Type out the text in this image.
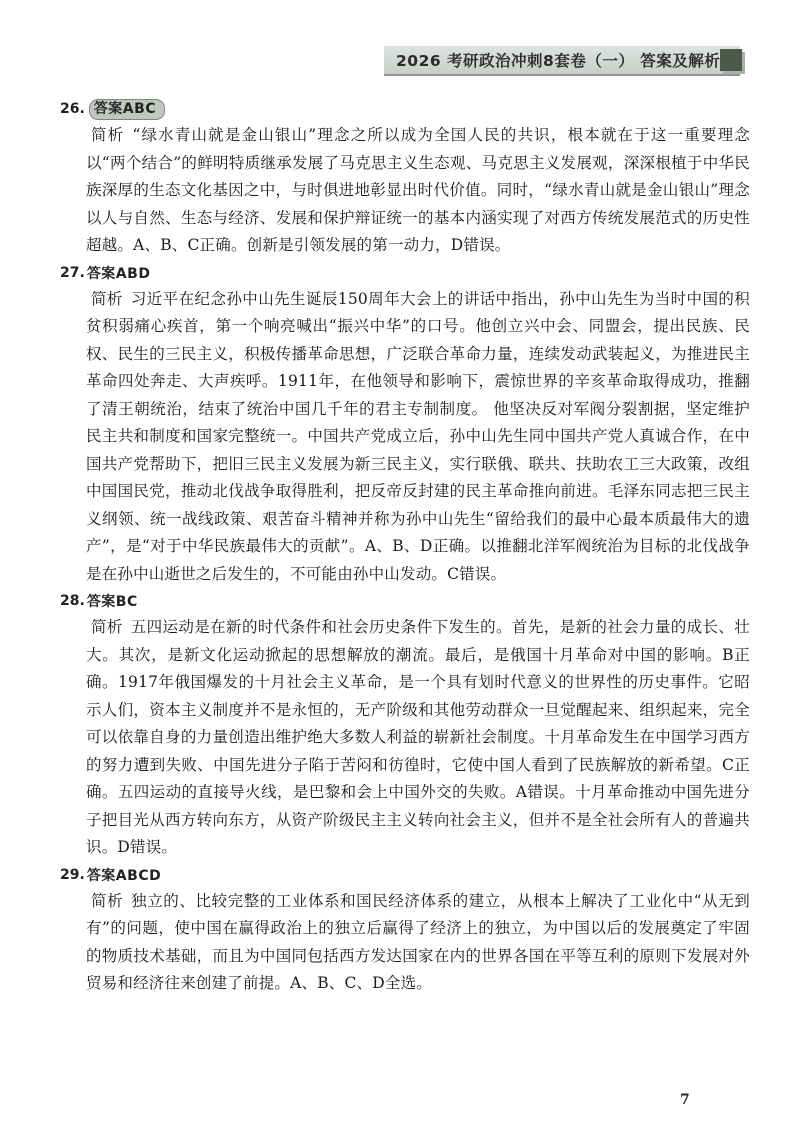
2026 考研政治冲刺8套卷（一） 答案及解析
26. 答案ABC

简析 “绿水青山就是金山银山”理念之所以成为全国人民的共识，根本就在于这一重要理念以“两个结合”的鲜明特质继承发展了马克思主义生态观、马克思主义发展观，深深根植于中华民族深厚的生态文化基因之中，与时俱进地彰显出时代价值。同时，“绿水青山就是金山银山”理念以人与自然、生态与经济、发展和保护辩证统一的基本内涵实现了对西方传统发展范式的历史性超越。A、B、C正确。创新是引领发展的第一动力，D错误。

27. 答案ABD

简析 习近平在纪念孙中山先生诞辰150周年大会上的讲话中指出，孙中山先生为当时中国的积贫积弱痛心疾首，第一个响亮喊出“振兴中华”的口号。他创立兴中会、同盟会，提出民族、民权、民生的三民主义，积极传播革命思想，广泛联合革命力量，连续发动武装起义，为推进民主革命四处奔走、大声疾呼。1911年，在他领导和影响下，震惊世界的辛亥革命取得成功，推翻了清王朝统治，结束了统治中国几千年的君主专制制度。 他坚决反对军阀分裂割据，坚定维护民主共和制度和国家完整统一。中国共产党成立后，孙中山先生同中国共产党人真诚合作，在中国共产党帮助下，把旧三民主义发展为新三民主义，实行联俄、联共、扶助农工三大政策，改组中国国民党，推动北伐战争取得胜利，把反帝反封建的民主革命推向前进。毛泽东同志把三民主义纲领、统一战线政策、艰苦奋斗精神并称为孙中山先生“留给我们的最中心最本质最伟大的遗产”，是“对于中华民族最伟大的贡献”。A、B、D正确。以推翻北洋军阀统治为目标的北伐战争是在孙中山逝世之后发生的，不可能由孙中山发动。C错误。

28. 答案BC

简析 五四运动是在新的时代条件和社会历史条件下发生的。首先，是新的社会力量的成长、壮大。其次，是新文化运动掀起的思想解放的潮流。最后，是俄国十月革命对中国的影响。B正确。1917年俄国爆发的十月社会主义革命，是一个具有划时代意义的世界性的历史事件。它昭示人们，资本主义制度并不是永恒的，无产阶级和其他劳动群众一旦觉醒起来、组织起来，完全可以依靠自身的力量创造出维护绝大多数人利益的崭新社会制度。十月革命发生在中国学习西方的努力遭到失败、中国先进分子陷于苦闷和彷徨时，它使中国人看到了民族解放的新希望。C正确。五四运动的直接导火线，是巴黎和会上中国外交的失败。A错误。十月革命推动中国先进分子把目光从西方转向东方，从资产阶级民主主义转向社会主义，但并不是全社会所有人的普遍共识。D错误。

29. 答案ABCD

简析 独立的、比较完整的工业体系和国民经济体系的建立，从根本上解决了工业化中“从无到有”的问题，使中国在赢得政治上的独立后赢得了经济上的独立，为中国以后的发展奠定了牢固的物质技术基础，而且为中国同包括西方发达国家在内的世界各国在平等互利的原则下发展对外贸易和经济往来创建了前提。A、B、C、D全选。

7
